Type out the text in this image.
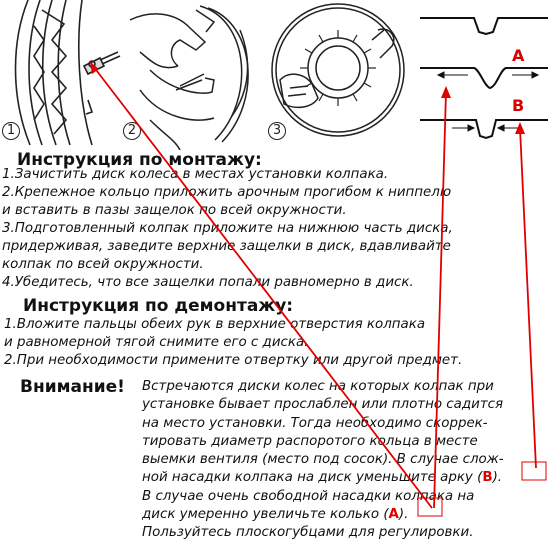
1	2	3
A
B
Инструкция по монтажу:
1.Зачистить диск колеса в местах установки колпака.
2.Крепежное кольцо приложить арочным прогибом к ниппелю
и вставить в пазы защелок по всей окружности.
3.Подготовленный колпак приложите на нижнюю часть диска,
придерживая, заведите верхние защелки в диск, вдавливайте
колпак по всей окружности.
4.Убедитесь, что все защелки попали равномерно в диск.
Инструкция по демонтажу:
1.Вложите пальцы обеих рук в верхние отверстия колпака
и равномерной тягой снимите его с диска.
2.При необходимости примените отвертку или другой предмет.
Внимание! Встречаются диски колес на которых колпак при
установке бывает прослаблен или плотно садится
на место установки. Тогда необходимо скоррек-
тировать диаметр распоротого кольца в месте
выемки вентиля (место под сосок). В случае слож-
ной насадки колпака на диск уменьшите арку (B).
В случае очень свободной насадки колпака на
диск умеренно увеличьте колько (A).
Пользуйтесь плоскогубцами для регулировки.
